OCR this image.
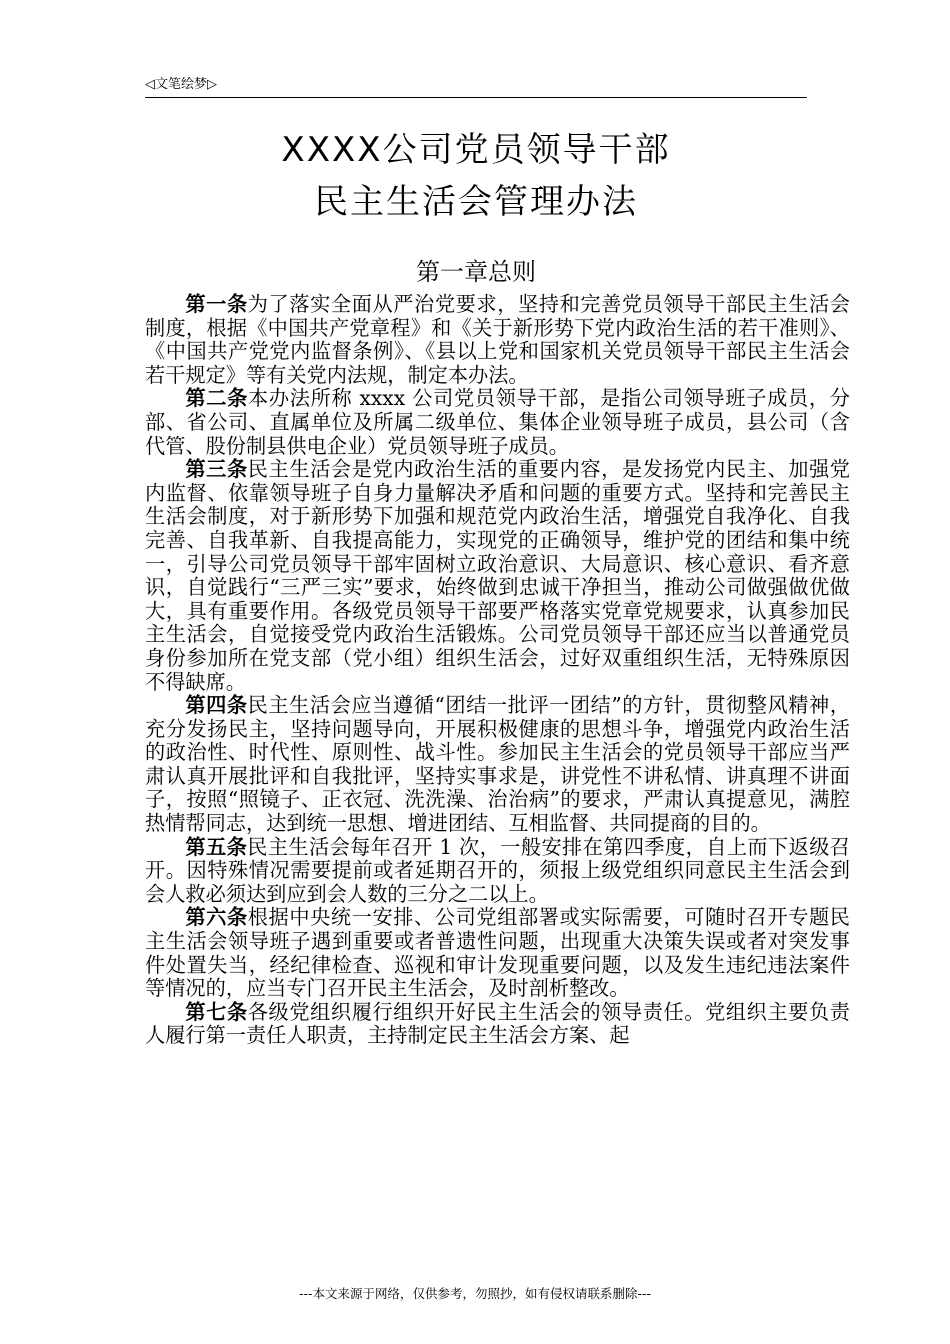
◁文笔绘梦▷
XXXX公司党员领导干部
民主生活会管理办法
第一章总则

第一条为了落实全面从严治党要求，坚持和完善党员领导干部民主生活会制度，根据《中国共产党章程》和《关于新形势下党内政治生活的若干准则》、《中国共产党党内监督条例》、《县以上党和国家机关党员领导干部民主生活会若干规定》等有关党内法规，制定本办法。

第二条本办法所称 xxxx 公司党员领导干部，是指公司领导班子成员，分部、省公司、直属单位及所属二级单位、集体企业领导班子成员，县公司（含代管、股份制县供电企业）党员领导班子成员。

第三条民主生活会是党内政治生活的重要内容，是发扬党内民主、加强党内监督、依靠领导班子自身力量解决矛盾和问题的重要方式。坚持和完善民主生活会制度，对于新形势下加强和规范党内政治生活，增强党自我净化、自我完善、自我革新、自我提高能力，实现党的正确领导，维护党的团结和集中统一，引导公司党员领导干部牢固树立政治意识、大局意识、核心意识、看齐意识，自觉践行“三严三实”要求，始终做到忠诚干净担当，推动公司做强做优做大，具有重要作用。各级党员领导干部要严格落实党章党规要求，认真参加民主生活会，自觉接受党内政治生活锻炼。公司党员领导干部还应当以普通党员身份参加所在党支部（党小组）组织生活会，过好双重组织生活，无特殊原因不得缺席。

第四条民主生活会应当遵循“团结一批评一团结”的方针，贯彻整风精神，充分发扬民主，坚持问题导向，开展积极健康的思想斗争，增强党内政治生活的政治性、时代性、原则性、战斗性。参加民主生活会的党员领导干部应当严肃认真开展批评和自我批评，坚持实事求是，讲党性不讲私情、讲真理不讲面子，按照“照镜子、正衣冠、洗洗澡、治治病”的要求，严肃认真提意见，满腔热情帮同志，达到统一思想、增进团结、互相监督、共同提商的目的。

第五条民主生活会每年召开 1 次，一般安排在第四季度，自上而下返级召开。因特殊情况需要提前或者延期召开的，须报上级党组织同意民主生活会到会人救必须达到应到会人数的三分之二以上。

第六条根据中央统一安排、公司党组部署或实际需要，可随时召开专题民主生活会领导班子遇到重要或者普遗性问题，出现重大决策失误或者对突发事件处置失当，经纪律检查、巡视和审计发现重要问题，以及发生违纪违法案件等情况的，应当专门召开民主生活会，及时剖析整改。

第七条各级党组织履行组织开好民主生活会的领导责任。党组织主要负责人履行第一责任人职责，主持制定民主生活会方案、起

---本文来源于网络，仅供参考，勿照抄，如有侵权请联系删除---
